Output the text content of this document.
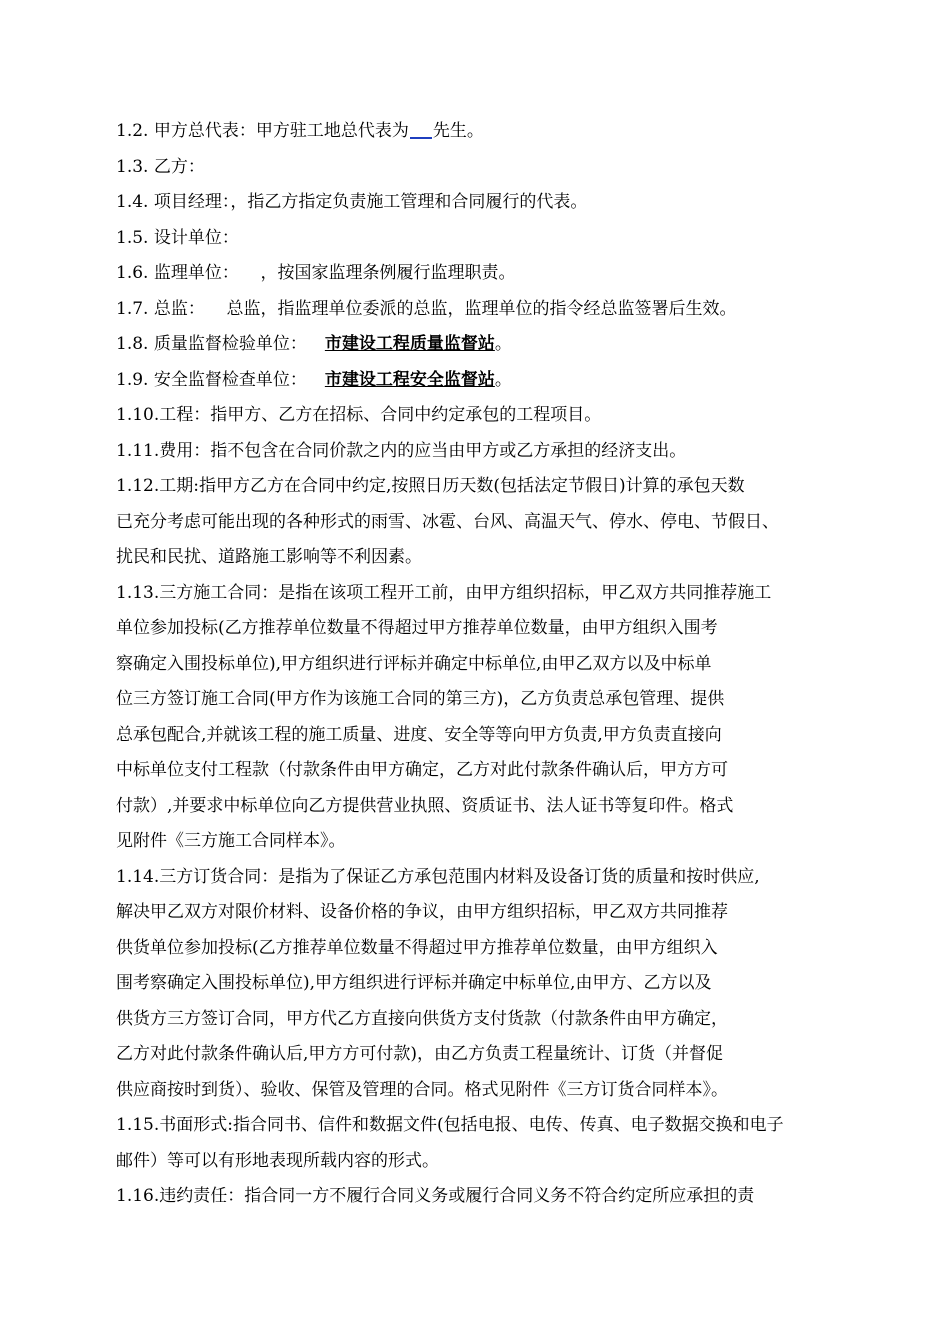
1.2. 甲方总代表：甲方驻工地总代表为 先生。
1.3. 乙方：
1.4. 项目经理：，指乙方指定负责施工管理和合同履行的代表。
1.5. 设计单位：
1.6. 监理单位：    ，按国家监理条例履行监理职责。
1.7. 总监：    总监，指监理单位委派的总监，监理单位的指令经总监签署后生效。
1.8. 质量监督检验单位： 市建设工程质量监督站。
1.9. 安全监督检查单位： 市建设工程安全监督站。
1.10.工程：指甲方、乙方在招标、合同中约定承包的工程项目。
1.11.费用：指不包含在合同价款之内的应当由甲方或乙方承担的经济支出。
1.12.工期:指甲方乙方在合同中约定,按照日历天数(包括法定节假日)计算的承包天数
已充分考虑可能出现的各种形式的雨雪、冰雹、台风、高温天气、停水、停电、节假日、
扰民和民扰、道路施工影响等不利因素。
1.13.三方施工合同：是指在该项工程开工前，由甲方组织招标，甲乙双方共同推荐施工
单位参加投标(乙方推荐单位数量不得超过甲方推荐单位数量，由甲方组织入围考
察确定入围投标单位),甲方组织进行评标并确定中标单位,由甲乙双方以及中标单
位三方签订施工合同(甲方作为该施工合同的第三方)，乙方负责总承包管理、提供
总承包配合,并就该工程的施工质量、进度、安全等等向甲方负责,甲方负责直接向
中标单位支付工程款（付款条件由甲方确定，乙方对此付款条件确认后，甲方方可
付款）,并要求中标单位向乙方提供营业执照、资质证书、法人证书等复印件。格式
见附件《三方施工合同样本》。
1.14.三方订货合同：是指为了保证乙方承包范围内材料及设备订货的质量和按时供应,
解决甲乙双方对限价材料、设备价格的争议，由甲方组织招标，甲乙双方共同推荐
供货单位参加投标(乙方推荐单位数量不得超过甲方推荐单位数量，由甲方组织入
围考察确定入围投标单位),甲方组织进行评标并确定中标单位,由甲方、乙方以及
供货方三方签订合同，甲方代乙方直接向供货方支付货款（付款条件由甲方确定，
乙方对此付款条件确认后,甲方方可付款)，由乙方负责工程量统计、订货（并督促
供应商按时到货）、验收、保管及管理的合同。格式见附件《三方订货合同样本》。
1.15.书面形式:指合同书、信件和数据文件(包括电报、电传、传真、电子数据交换和电子
邮件）等可以有形地表现所载内容的形式。
1.16.违约责任：指合同一方不履行合同义务或履行合同义务不符合约定所应承担的责
